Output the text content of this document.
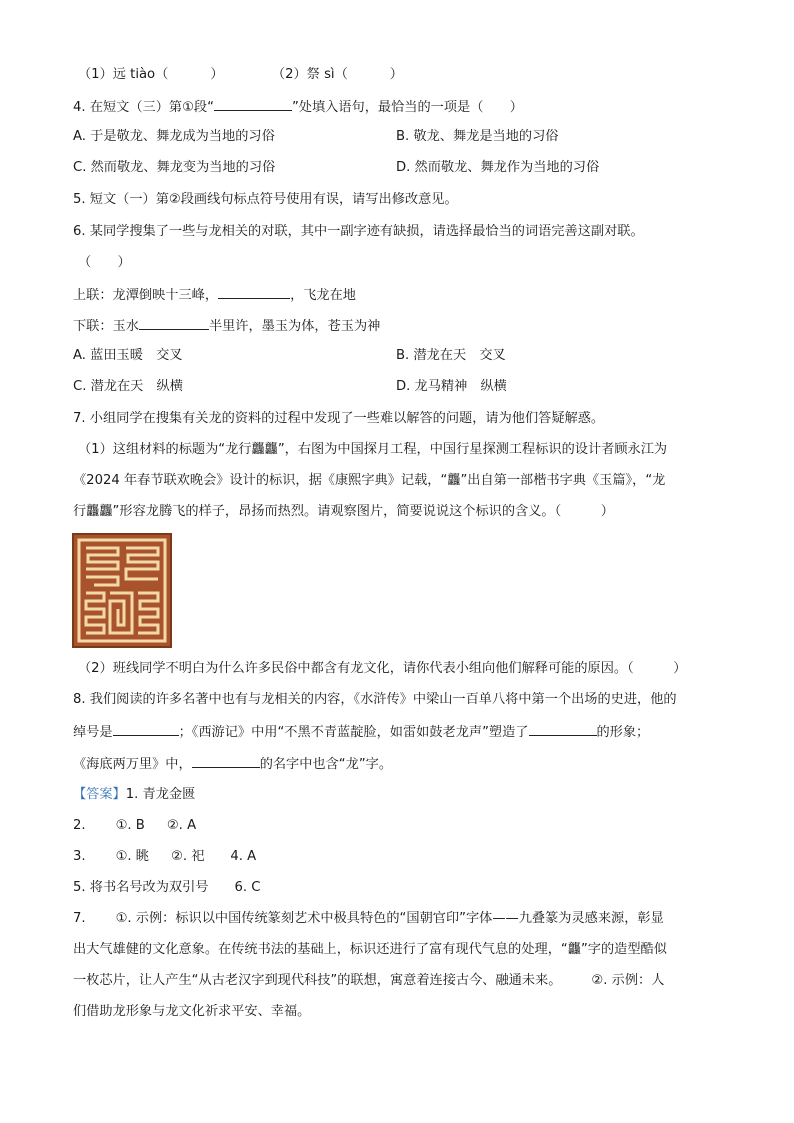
（1）远 tiào（	）	（2）祭 sì（	）
4. 在短文（三）第①段“	”处填入语句，最恰当的一项是（　　）
A. 于是敬龙、舞龙成为当地的习俗	B. 敬龙、舞龙是当地的习俗
C. 然而敬龙、舞龙变为当地的习俗	D. 然而敬龙、舞龙作为当地的习俗
5. 短文（一）第②段画线句标点符号使用有误，请写出修改意见。
6. 某同学搜集了一些与龙相关的对联，其中一副字迹有缺损，请选择最恰当的词语完善这副对联。
（　　）
上联：龙潭倒映十三峰，	，飞龙在地
下联：玉水	半里许，墨玉为体，苍玉为神
A. 蓝田玉暖　交叉	B. 潜龙在天　交叉
C. 潜龙在天　纵横	D. 龙马精神　纵横
7. 小组同学在搜集有关龙的资料的过程中发现了一些难以解答的问题，请为他们答疑解惑。
（1）这组材料的标题为“龙行龘龘”，右图为中国探月工程，中国行星探测工程标识的设计者顾永江为
《2024 年春节联欢晚会》设计的标识，据《康熙字典》记载，“龘”出自第一部楷书字典《玉篇》，“龙
行龘龘”形容龙腾飞的样子，昂扬而热烈。请观察图片，简要说说这个标识的含义。（　　　）
（2）班线同学不明白为什么许多民俗中都含有龙文化，请你代表小组向他们解释可能的原因。（　　　）
8. 我们阅读的许多名著中也有与龙相关的内容，《水浒传》中梁山一百单八将中第一个出场的史进，他的
绰号是	；《西游记》中用“不黑不青蓝靛脸，如雷如鼓老龙声”塑造了	的形象；
《海底两万里》中，	的名字中也含“龙”字。
【答案】1. 青龙金匮
2. ①. B ②. A
3. ①. 眺 ②. 祀 4. A
5. 将书名号改为双引号 6. C
7. ①. 示例：标识以中国传统篆刻艺术中极具特色的“国朝官印”字体——九叠篆为灵感来源，彰显
出大气雄健的文化意象。在传统书法的基础上，标识还进行了富有现代气息的处理，“龘”字的造型酷似
一枚芯片，让人产生“从古老汉字到现代科技”的联想，寓意着连接古今、融通未来。 ②. 示例：人
们借助龙形象与龙文化祈求平安、幸福。
